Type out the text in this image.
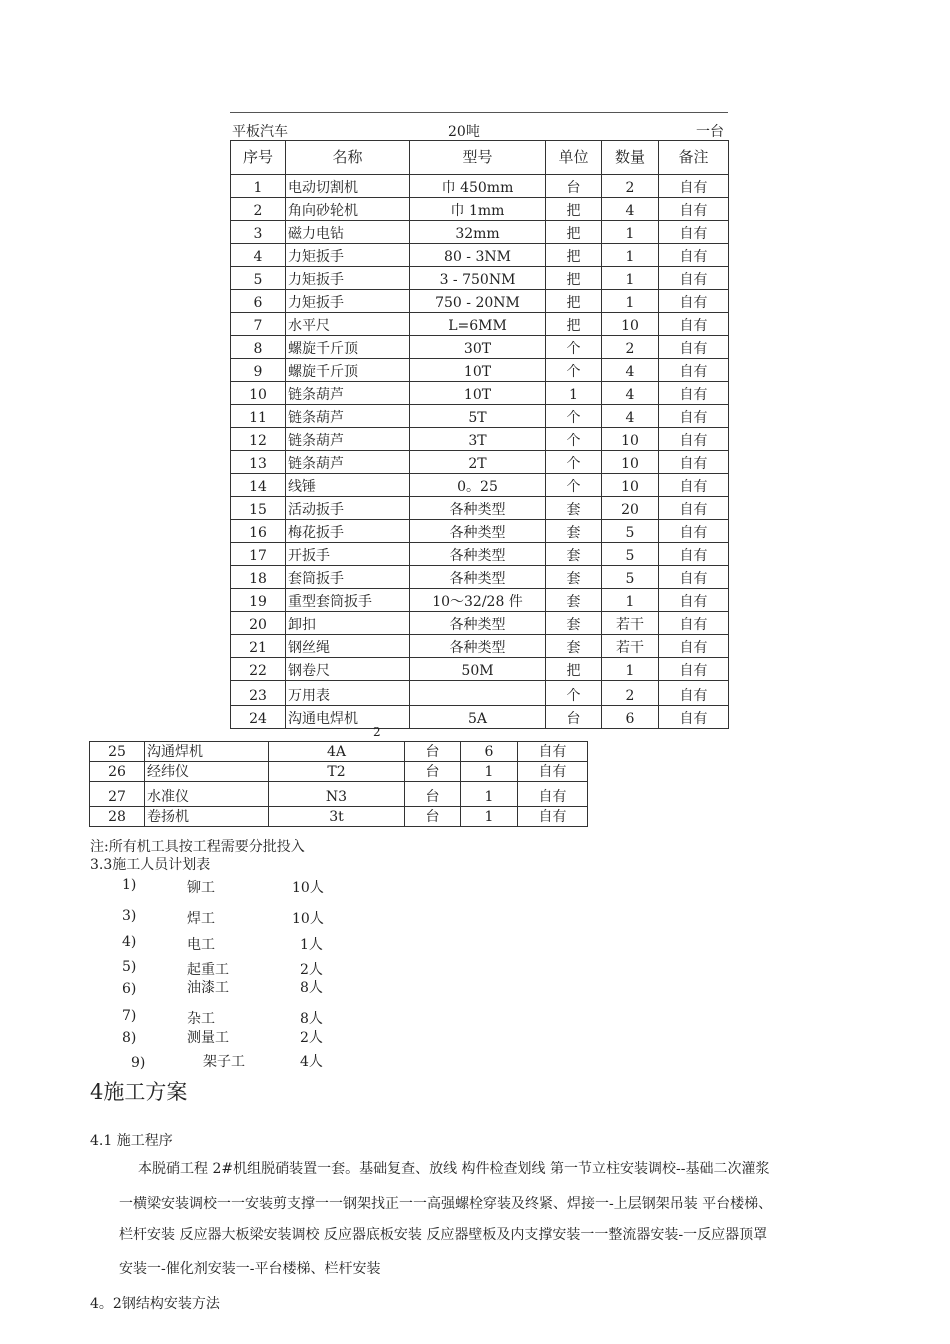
平板汽车	20吨	一台
序号	名称	型号	单位	数量	备注
1	电动切割机	巾 450mm	台	2	自有
2	角向砂轮机	巾 1mm	把	4	自有
3	磁力电钻	32mm	把	1	自有
4	力矩扳手	80 - 3NM	把	1	自有
5	力矩扳手	3 - 750NM	把	1	自有
6	力矩扳手	750 - 20NM	把	1	自有
7	水平尺	L=6MM	把	10	自有
8	螺旋千斤顶	30T	个	2	自有
9	螺旋千斤顶	10T	个	4	自有
10	链条葫芦	10T	1	4	自有
11	链条葫芦	5T	个	4	自有
12	链条葫芦	3T	个	10	自有
13	链条葫芦	2T	个	10	自有
14	线锤	0。25	个	10	自有
15	活动扳手	各种类型	套	20	自有
16	梅花扳手	各种类型	套	5	自有
17	开扳手	各种类型	套	5	自有
18	套筒扳手	各种类型	套	5	自有
19	重型套筒扳手	10〜32/28 件	套	1	自有
20	卸扣	各种类型	套	若干	自有
21	钢丝绳	各种类型	套	若干	自有
22	钢卷尺	50M	把	1	自有
23	万用表		个	2	自有
24	沟通电焊机	5A	台	6	自有
2
25	沟通焊机	4A	台	6	自有
26	经纬仪	T2	台	1	自有
27	水准仪	N3	台	1	自有
28	卷扬机	3t	台	1	自有
注:所有机工具按工程需要分批投入
3.3施工人员计划表
1)	铆工	10人
3)	焊工	10人
4)	电工	1人
5)	起重工	2人
6)	油漆工	8人
7)	杂工	8人
8)	测量工	2人
9)	架子工	4人
4施工方案
4.1 施工程序
本脱硝工程 2#机组脱硝装置一套。基础复查、放线 构件检查划线 第一节立柱安装调校--基础二次灌浆
一横梁安装调校一一安装剪支撑一一钢架找正一一高强螺栓穿装及终紧、焊接一-上层钢架吊装 平台楼梯、
栏杆安装 反应器大板梁安装调校 反应器底板安装 反应器壁板及内支撑安装一一整流器安装-一反应器顶罩
安装一-催化剂安装一-平台楼梯、栏杆安装
4。2钢结构安装方法
